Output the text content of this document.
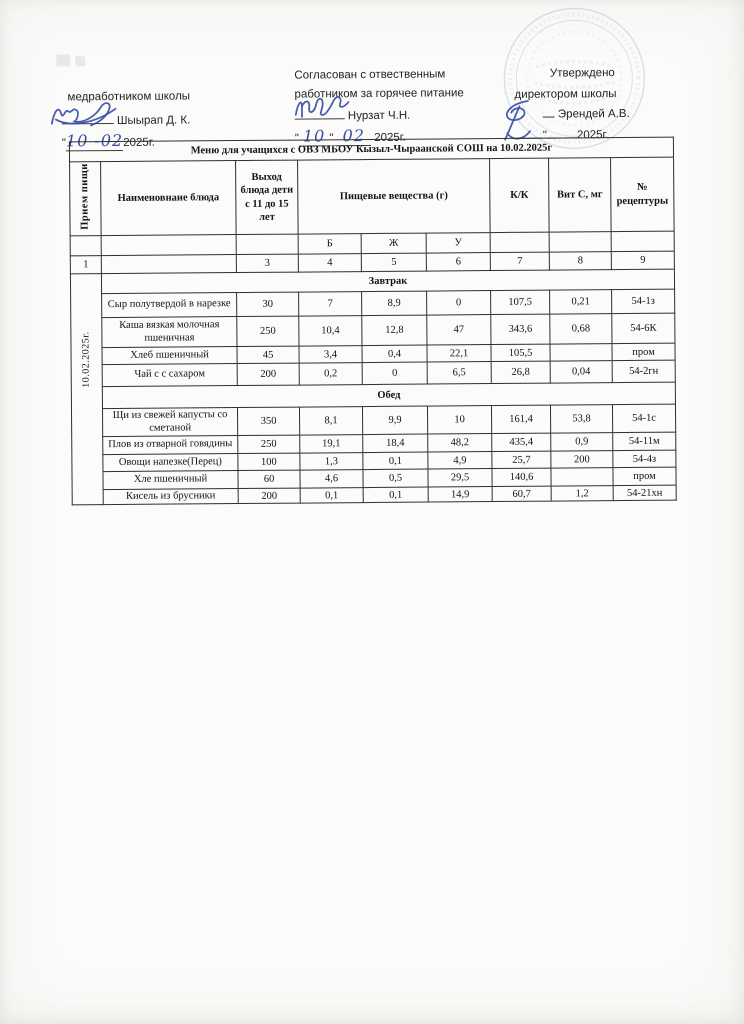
медработником школы
Шыырап Д. К.
"10 -022025г.
Согласован с отвественным
работником за горячее питание
Нурзат Ч.Н.
" 10 " 02 2025г.
Утверждено
директором школы
Эрендей А.В.
"	2025г.
Меню для учащихся с ОВЗ МБОУ Кызыл-Чыраанской СОШ на 10.02.2025г								
Прием пищи	Наименовнаие блюда	Выход блюда дети с 11 до 15 лет	Пищевые вещества (г)			К/К	Вит С, мг	№ рецептуры
			Б	Ж	У			
1		3	4	5	6	7	8	9
10.02.2025г.	Завтрак							
	Сыр полутвердой в нарезке	30	7	8,9	0	107,5	0,21	54-1з
	Каша вязкая молочная пшеничная	250	10,4	12,8	47	343,6	0,68	54-6К
	Хлеб пшеничный	45	3,4	0,4	22,1	105,5		пром
	Чай с с сахаром	200	0,2	0	6,5	26,8	0,04	54-2гн
	Обед							
	Щи из свежей капусты со сметаной	350	8,1	9,9	10	161,4	53,8	54-1с
	Плов из отварной говядины	250	19,1	18,4	48,2	435,4	0,9	54-11м
	Овощи напезке(Перец)	100	1,3	0,1	4,9	25,7	200	54-4з
	Хле пшеничный	60	4,6	0,5	29,5	140,6		пром
	Кисель из брусники	200	0,1	0,1	14,9	60,7	1,2	54-21хн
